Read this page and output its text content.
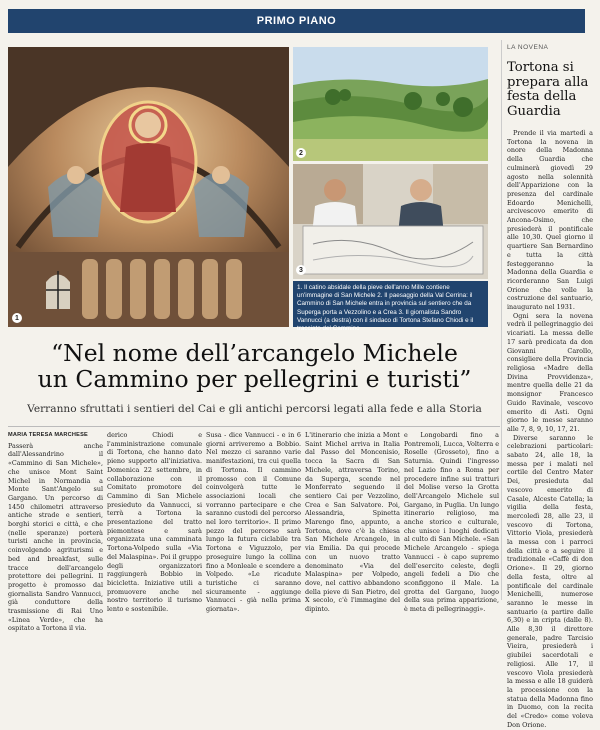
PRIMO PIANO
1
2
3
1. Il catino absidale della pieve dell'anno Mille contiene un'immagine di San Michele 2. Il paesaggio della Val Cerrina: il Cammino di San Michele entra in provincia sul sentiero che da Superga porta a Vezzolino e a Crea 3. Il giornalista Sandro Vannucci (a destra) con il sindaco di Tortona Stefano Chiodi e il tracciato del Cammino
“Nel nome dell’arcangelo Michele
un Cammino per pellegrini e turisti”
Verranno sfruttati i sentieri del Cai e gli antichi percorsi legati alla fede e alla Storia
MARIA TERESA MARCHESE
Passerà anche dall'Alessandrino il «Cammino di San Michele», che unisce Mont Saint Michel in Normandia a Monte Sant'Angelo sul Gargano. Un percorso di 1450 chilometri attraverso antiche strade e sentieri, borghi storici e città, e che (nelle speranze) porterà turisti anche in provincia, coinvolgendo agriturismi e bed and breakfast, sulle tracce dell'arcangelo protettore dei pellegrini. Il progetto è promosso dal giornalista Sandro Vannucci, già conduttore della trasmissione di Rai Uno «Linea Verde», che ha ospitato a Tortona il via.
derico Chiodi e l'amministrazione comunale di Tortona, che hanno dato pieno supporto all'iniziativa. Domenica 22 settembre, in collaborazione con il Comitato promotore del Cammino di San Michele presieduto da Vannucci, si terrà a Tortona la presentazione del tratto piemontese e sarà organizzata una camminata Tortona-Volpedo sulla «Via del Malaspina». Poi il gruppo degli organizzatori raggiungerà Bobbio in bicicletta. Iniziative utili a promuovere anche nel nostro territorio il turismo lento e sostenibile.
Susa - dice Vannucci - e in 6 giorni arriveremo a Bobbio. Nel mezzo ci saranno varie manifestazioni, tra cui quella di Tortona. Il cammino promosso con il Comune coinvolgerà tutte le associazioni locali che vorranno partecipare e che saranno custodi del percorso nel loro territorio». Il primo pezzo del percorso sarà lungo la futura ciclabile tra Tortona e Viguzzolo, per proseguire lungo la collina fino a Monleale e scendere a Volpedo. «Le ricadute turistiche ci saranno sicuramente - aggiunge Vannucci - già nella prima giornata».
L'itinerario che inizia a Mont Saint Michel arriva in Italia dal Passo del Moncenisio, tocca la Sacra di San Michele, attraversa Torino, da Superga, scende nel Monferrato seguendo il sentiero Cai per Vezzolino, Crea e San Salvatore. Poi, Alessandria, Spinetta Marengo fino, appunto, a Tortona, dove c'è la chiesa San Michele Arcangelo, in via Emilia. Da qui procede con un nuovo tratto denominato «Via del Malaspina» per Volpedo, dove, nel cattivo abbandono della pieve di San Pietro, del X secolo, c'è l'immagine del dipinto.
e Longobardi fino a Pontremoli, Lucca, Volterra e Roselle (Grosseto), fino a Saturnia. Quindi l'ingresso nel Lazio fino a Roma per procedere infine sui tratturi del Molise verso la Grotta dell'Arcangelo Michele sul Gargano, in Puglia. Un lungo itinerario religioso, ma anche storico e culturale, che unisce i luoghi dedicati al culto di San Michele. «San Michele Arcangelo - spiega Vannucci - è capo supremo dell'esercito celeste, degli angeli fedeli a Dio che sconfiggono il Male. La grotta del Gargano, luogo della sua prima apparizione, è meta di pellegrinaggi».
LA NOVENA
Tortona si prepara alla festa della Guardia

Prende il via martedì a Tortona la novena in onore della Madonna della Guardia che culminerà giovedì 29 agosto nella solennità dell'Apparizione con la presenza del cardinale Edoardo Menichelli, arcivescovo emerito di Ancona-Osimo, che presiederà il pontificale alle 10,30. Quel giorno il quartiere San Bernardino e tutta la città festeggeranno la Madonna della Guardia e ricorderanno San Luigi Orione che volle la costruzione del santuario, inaugurato nel 1931.

Ogni sera la novena vedrà il pellegrinaggio dei vicariati. La messa delle 17 sarà predicata da don Giovanni Carollo, consigliere della Provincia religiosa «Madre della Divina Provvidenza», mentre quella delle 21 da monsignor Francesco Guido Ravinale, vescovo emerito di Asti. Ogni giorno le messe saranno alle 7, 8, 9, 10, 17, 21.

Diverse saranno le celebrazioni particolari: sabato 24, alle 18, la messa per i malati nel cortile del Centro Mater Dei, presieduta dal vescovo emerito di Casale, Alceste Catella; la vigilia della festa, mercoledì 28, alle 23, il vescovo di Tortona, Vittorio Viola, presiederà la messa con i parroci della città e a seguire il tradizionale «Caffè di don Orione». Il 29, giorno della festa, oltre al pontificale del cardinale Menichelli, numerose saranno le messe in santuario (a partire dalle 6,30) e in cripta (dalle 8). Alle 8,30 il direttore generale, padre Tarcisio Vieira, presiederà i giubilei sacerdotali e religiosi. Alle 17, il vescovo Viola presiederà la messa e alle 18 guiderà la processione con la statua della Madonna fino in Duomo, con la recita del «Credo» come voleva Don Orione.
